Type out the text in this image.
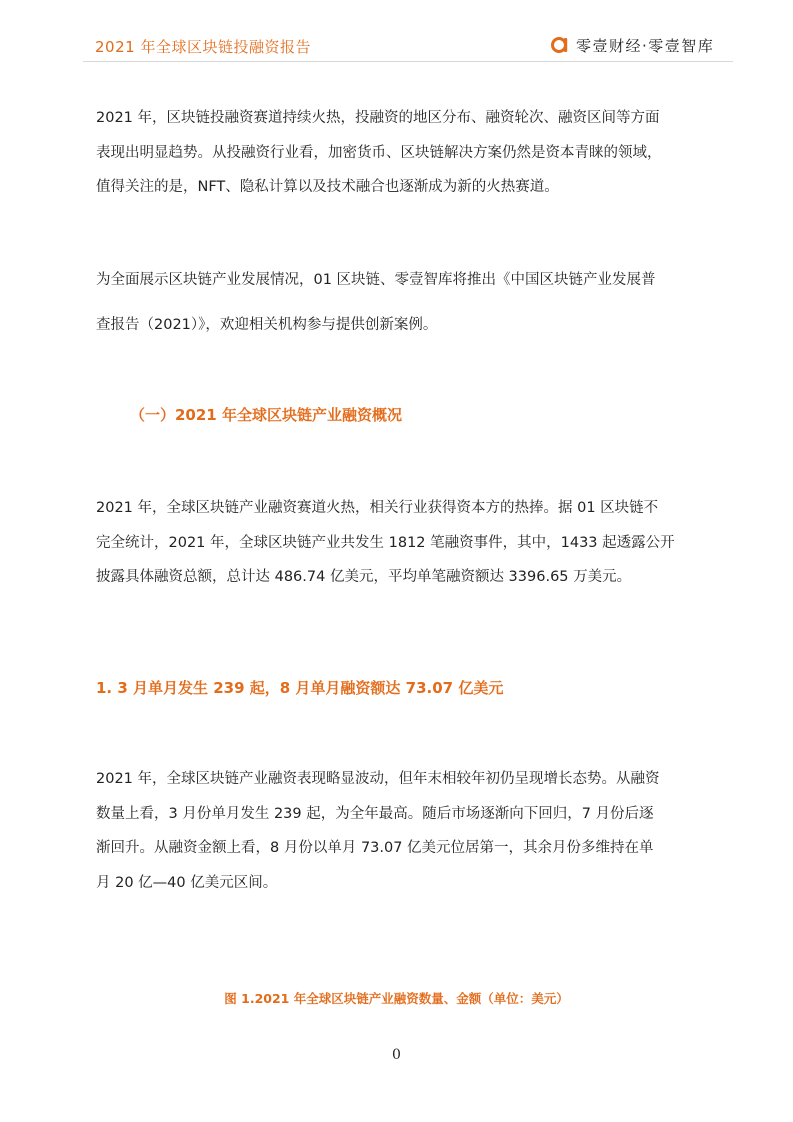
2021 年全球区块链投融资报告	零壹财经·零壹智库
2021 年，区块链投融资赛道持续火热，投融资的地区分布、融资轮次、融资区间等方面
表现出明显趋势。从投融资行业看，加密货币、区块链解决方案仍然是资本青睐的领域，
值得关注的是，NFT、隐私计算以及技术融合也逐渐成为新的火热赛道。
为全面展示区块链产业发展情况，01 区块链、零壹智库将推出《中国区块链产业发展普
查报告（2021）》，欢迎相关机构参与提供创新案例。
（一）2021 年全球区块链产业融资概况
2021 年，全球区块链产业融资赛道火热，相关行业获得资本方的热捧。据 01 区块链不
完全统计，2021 年，全球区块链产业共发生 1812 笔融资事件，其中，1433 起透露公开
披露具体融资总额，总计达 486.74 亿美元，平均单笔融资额达 3396.65 万美元。
1. 3 月单月发生 239 起，8 月单月融资额达 73.07 亿美元
2021 年，全球区块链产业融资表现略显波动，但年末相较年初仍呈现增长态势。从融资
数量上看，3 月份单月发生 239 起，为全年最高。随后市场逐渐向下回归，7 月份后逐
渐回升。从融资金额上看，8 月份以单月 73.07 亿美元位居第一，其余月份多维持在单
月 20 亿—40 亿美元区间。
图 1.2021 年全球区块链产业融资数量、金额（单位：美元）
0
